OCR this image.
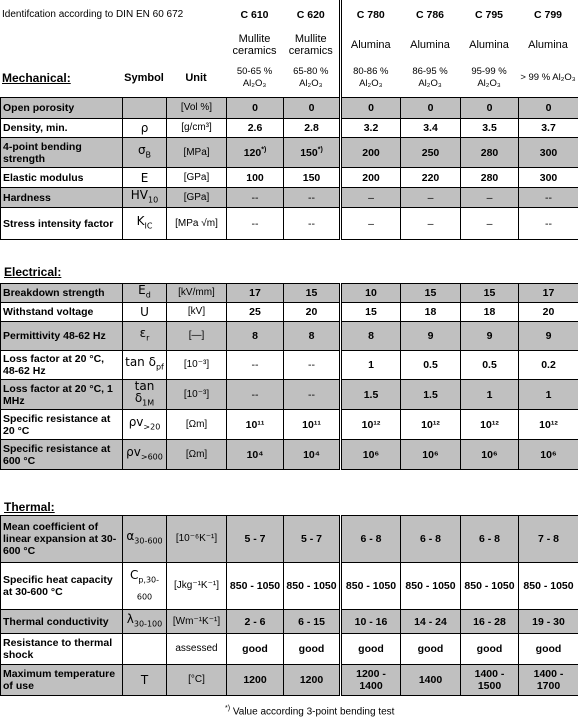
Identifcation according to DIN EN 60 672			C 610	C 620	C 780	C 786	C 795	C 799
			Mullite ceramics	Mullite ceramics	Alumina	Alumina	Alumina	Alumina
Mechanical:	Symbol	Unit	50-65 % Al₂O₃	65-80 % Al₂O₃	80-86 % Al₂O₃	86-95 % Al₂O₃	95-99 % Al₂O₃	> 99 % Al₂O₃
Open porosity		[Vol %]	0	0	0	0	0	0
Density, min.	ρ	[g/cm³]	2.6	2.8	3.2	3.4	3.5	3.7
4-point bending strength	$\sigma_B$	[MPa]	120*)	150*)	200	250	280	300
Elastic modulus	E	[GPa]	100	150	200	220	280	300
Hardness	$HV_{10}$	[GPa]	--	--	–	–	–	--
Stress intensity factor	$K_{IC}$	[MPa √m]	--	--	–	–	–	--
Electrical:
Breakdown strength	$E_d$	[kV/mm]	17	15	10	15	15	17
Withstand voltage	U	[kV]	25	20	15	18	18	20
Permittivity 48-62 Hz	$\varepsilon_r$	[—]	8	8	8	9	9	9
Loss factor at 20 °C, 48-62 Hz	$\tan \delta_{pf}$	[10⁻³]	--	--	1	0.5	0.5	0.2
Loss factor at 20 °C, 1 MHz	$\tan \delta_{1M}$	[10⁻³]	--	--	1.5	1.5	1	1
Specific resistance at 20 °C	$\rho v_{>20}$	[Ωm]	10¹¹	10¹¹	10¹²	10¹²	10¹²	10¹²
Specific resistance at 600 °C	$\rho v_{>600}$	[Ωm]	10⁴	10⁴	10⁶	10⁶	10⁶	10⁶
Thermal:
Mean coefficient of linear expansion at 30-600 °C	$\alpha_{30-600}$	[10⁻⁶K⁻¹]	5 - 7	5 - 7	6 - 8	6 - 8	6 - 8	7 - 8
Specific heat capacity at 30-600 °C	$C_{p,30-600}$	[Jkg⁻¹K⁻¹]	850 - 1050	850 - 1050	850 - 1050	850 - 1050	850 - 1050	850 - 1050
Thermal conductivity	$\lambda_{30-100}$	[Wm⁻¹K⁻¹]	2 - 6	6 - 15	10 - 16	14 - 24	16 - 28	19 - 30
Resistance to thermal shock		assessed	good	good	good	good	good	good
Maximum temperature of use	T	[°C]	1200	1200	1200 - 1400	1400	1400 - 1500	1400 - 1700
*) Value according 3-point bending test
